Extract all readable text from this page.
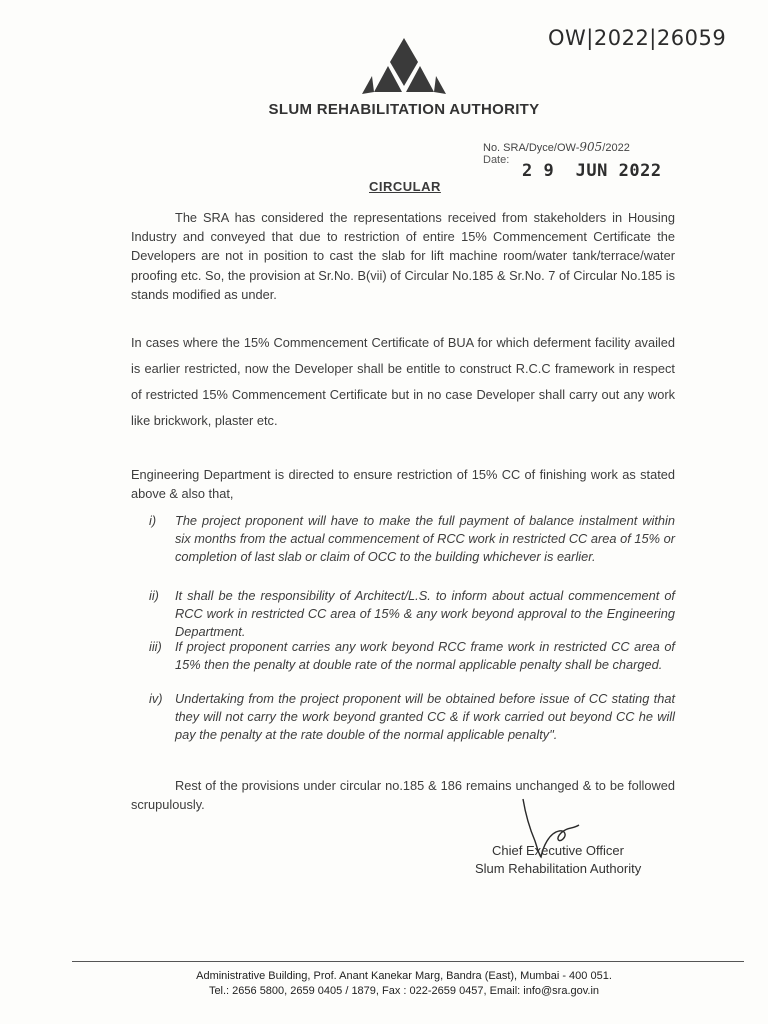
OW|2022|26059
SLUM REHABILITATION AUTHORITY
No. SRA/Dyce/OW-905/2022
Date:
2 9  JUN 2022
CIRCULAR
The SRA has considered the representations received from stakeholders in Housing Industry and conveyed that due to restriction of entire 15% Commencement Certificate the Developers are not in position to cast the slab for lift machine room/water tank/terrace/water proofing etc. So, the provision at Sr.No. B(vii) of Circular No.185 & Sr.No. 7 of Circular No.185 is stands modified as under.
In cases where the 15% Commencement Certificate of BUA for which deferment facility availed is earlier restricted, now the Developer shall be entitle to construct R.C.C framework in respect of restricted 15% Commencement Certificate but in no case Developer shall carry out any work like brickwork, plaster etc.
Engineering Department is directed to ensure restriction of 15% CC of finishing work as stated above & also that,
i) The project proponent will have to make the full payment of balance instalment within six months from the actual commencement of RCC work in restricted CC area of 15% or completion of last slab or claim of OCC to the building whichever is earlier.
ii) It shall be the responsibility of Architect/L.S. to inform about actual commencement of RCC work in restricted CC area of 15% & any work beyond approval to the Engineering Department.
iii) If project proponent carries any work beyond RCC frame work in restricted CC area of 15% then the penalty at double rate of the normal applicable penalty shall be charged.
iv) Undertaking from the project proponent will be obtained before issue of CC stating that they will not carry the work beyond granted CC & if work carried out beyond CC he will pay the penalty at the rate double of the normal applicable penalty".
Rest of the provisions under circular no.185 & 186 remains unchanged & to be followed scrupulously.
Chief Executive Officer
Slum Rehabilitation Authority
Administrative Building, Prof. Anant Kanekar Marg, Bandra (East), Mumbai - 400 051.
Tel.: 2656 5800, 2659 0405 / 1879, Fax : 022-2659 0457, Email: info@sra.gov.in
